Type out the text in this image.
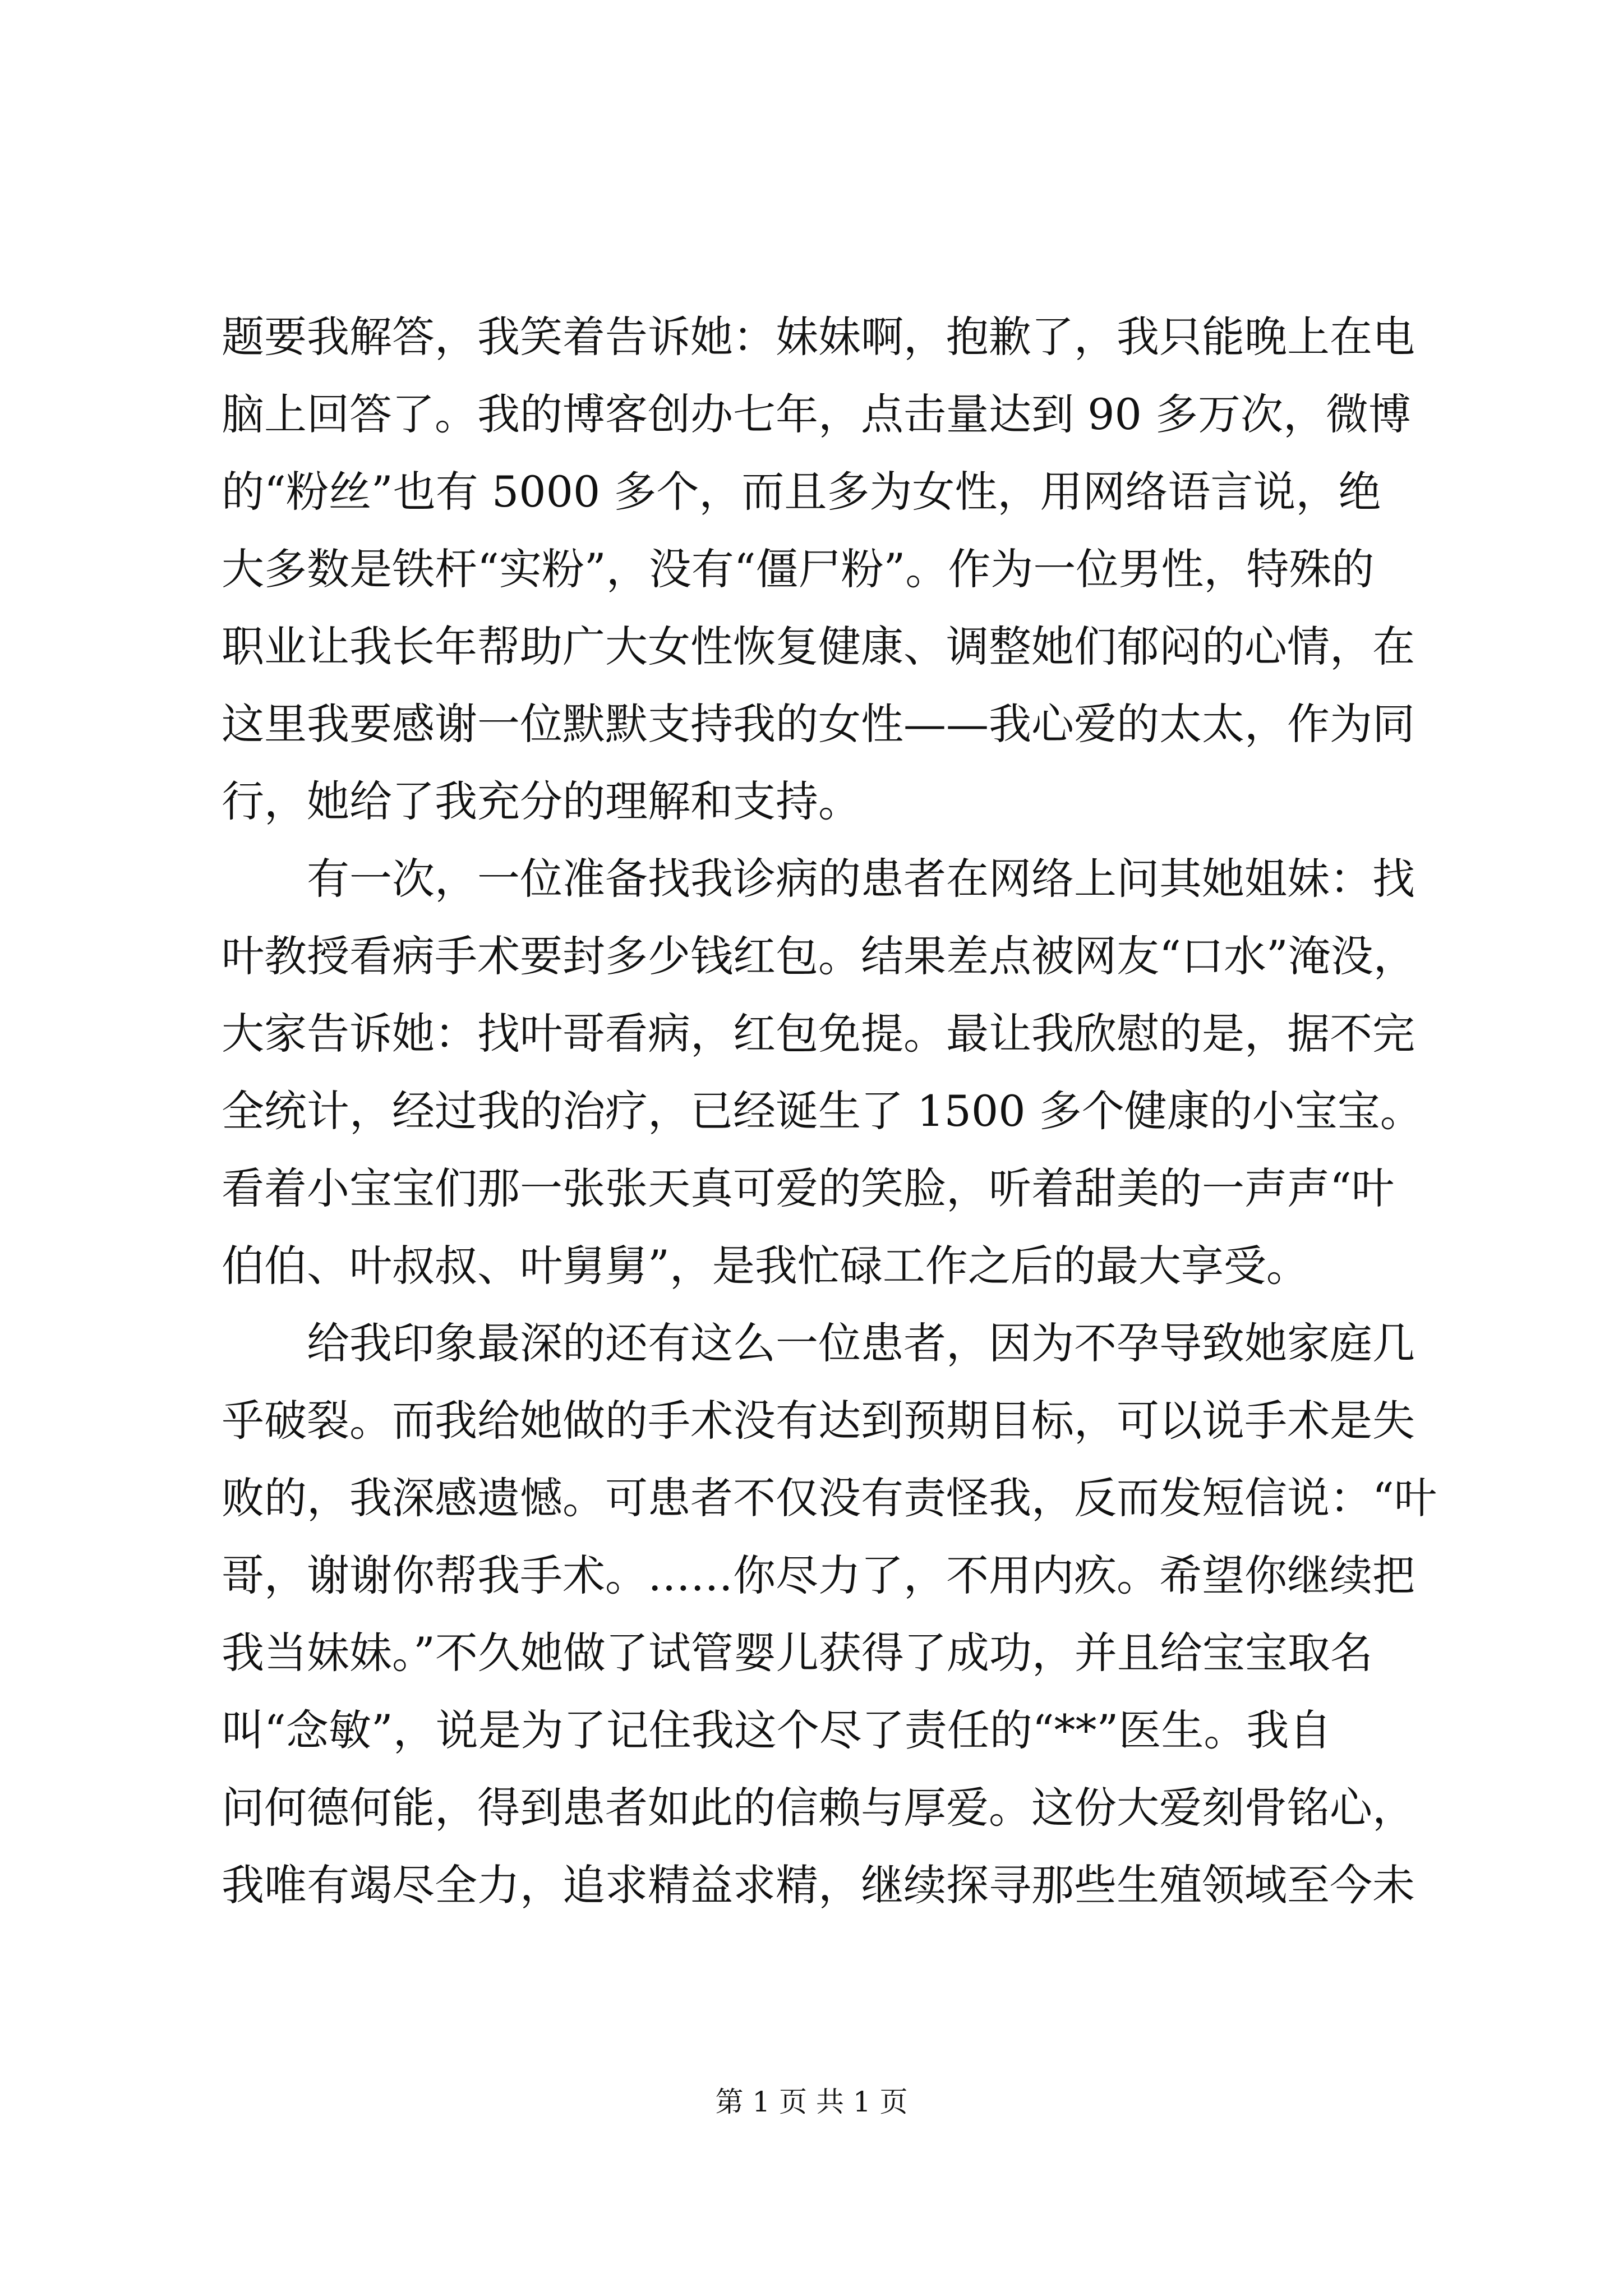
题要我解答，我笑着告诉她：妹妹啊，抱歉了，我只能晚上在电
脑上回答了。我的博客创办七年，点击量达到 90 多万次，微博
的“粉丝”也有 5000 多个，而且多为女性，用网络语言说，绝
大多数是铁杆“实粉”，没有“僵尸粉”。作为一位男性，特殊的
职业让我长年帮助广大女性恢复健康、调整她们郁闷的心情，在
这里我要感谢一位默默支持我的女性——我心爱的太太，作为同
行，她给了我充分的理解和支持。
有一次，一位准备找我诊病的患者在网络上问其她姐妹：找
叶教授看病手术要封多少钱红包。结果差点被网友“口水”淹没，
大家告诉她：找叶哥看病，红包免提。最让我欣慰的是，据不完
全统计，经过我的治疗，已经诞生了 1500 多个健康的小宝宝。
看着小宝宝们那一张张天真可爱的笑脸，听着甜美的一声声“叶
伯伯、叶叔叔、叶舅舅”，是我忙碌工作之后的最大享受。
给我印象最深的还有这么一位患者，因为不孕导致她家庭几
乎破裂。而我给她做的手术没有达到预期目标，可以说手术是失
败的，我深感遗憾。可患者不仅没有责怪我，反而发短信说：“叶
哥，谢谢你帮我手术。……你尽力了，不用内疚。希望你继续把
我当妹妹。”不久她做了试管婴儿获得了成功，并且给宝宝取名
叫“念敏”，说是为了记住我这个尽了责任的“**”医生。我自
问何德何能，得到患者如此的信赖与厚爱。这份大爱刻骨铭心，
我唯有竭尽全力，追求精益求精，继续探寻那些生殖领域至今未
第 1 页 共 1 页
